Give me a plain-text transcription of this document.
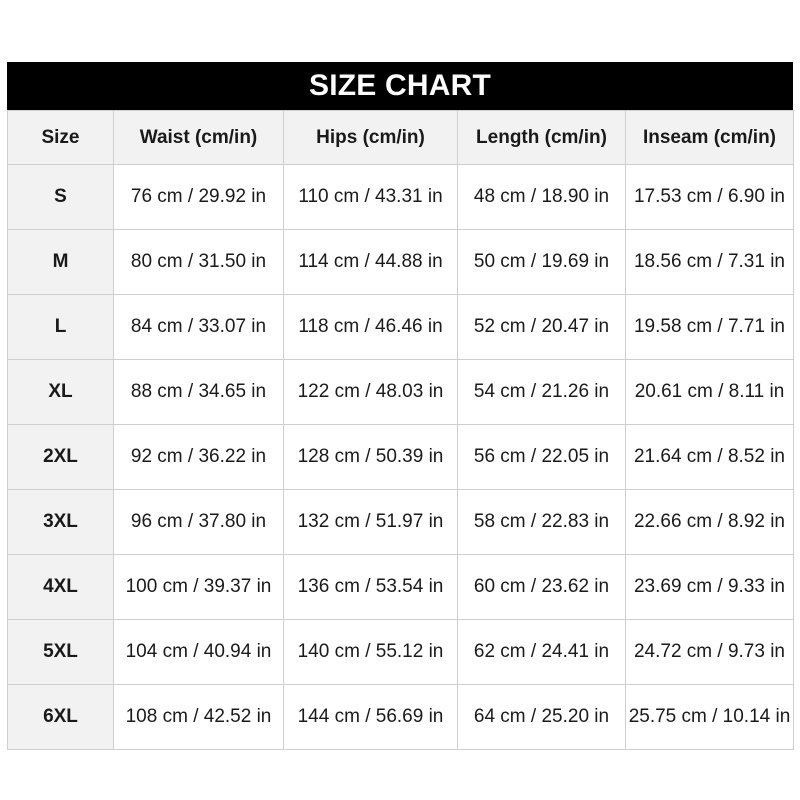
SIZE CHART
Size	Waist (cm/in)	Hips (cm/in)	Length (cm/in)	Inseam (cm/in)
S	76 cm / 29.92 in	110 cm / 43.31 in	48 cm / 18.90 in	17.53 cm / 6.90 in
M	80 cm / 31.50 in	114 cm / 44.88 in	50 cm / 19.69 in	18.56 cm / 7.31 in
L	84 cm / 33.07 in	118 cm / 46.46 in	52 cm / 20.47 in	19.58 cm / 7.71 in
XL	88 cm / 34.65 in	122 cm / 48.03 in	54 cm / 21.26 in	20.61 cm / 8.11 in
2XL	92 cm / 36.22 in	128 cm / 50.39 in	56 cm / 22.05 in	21.64 cm / 8.52 in
3XL	96 cm / 37.80 in	132 cm / 51.97 in	58 cm / 22.83 in	22.66 cm / 8.92 in
4XL	100 cm / 39.37 in	136 cm / 53.54 in	60 cm / 23.62 in	23.69 cm / 9.33 in
5XL	104 cm / 40.94 in	140 cm / 55.12 in	62 cm / 24.41 in	24.72 cm / 9.73 in
6XL	108 cm / 42.52 in	144 cm / 56.69 in	64 cm / 25.20 in	25.75 cm / 10.14 in
